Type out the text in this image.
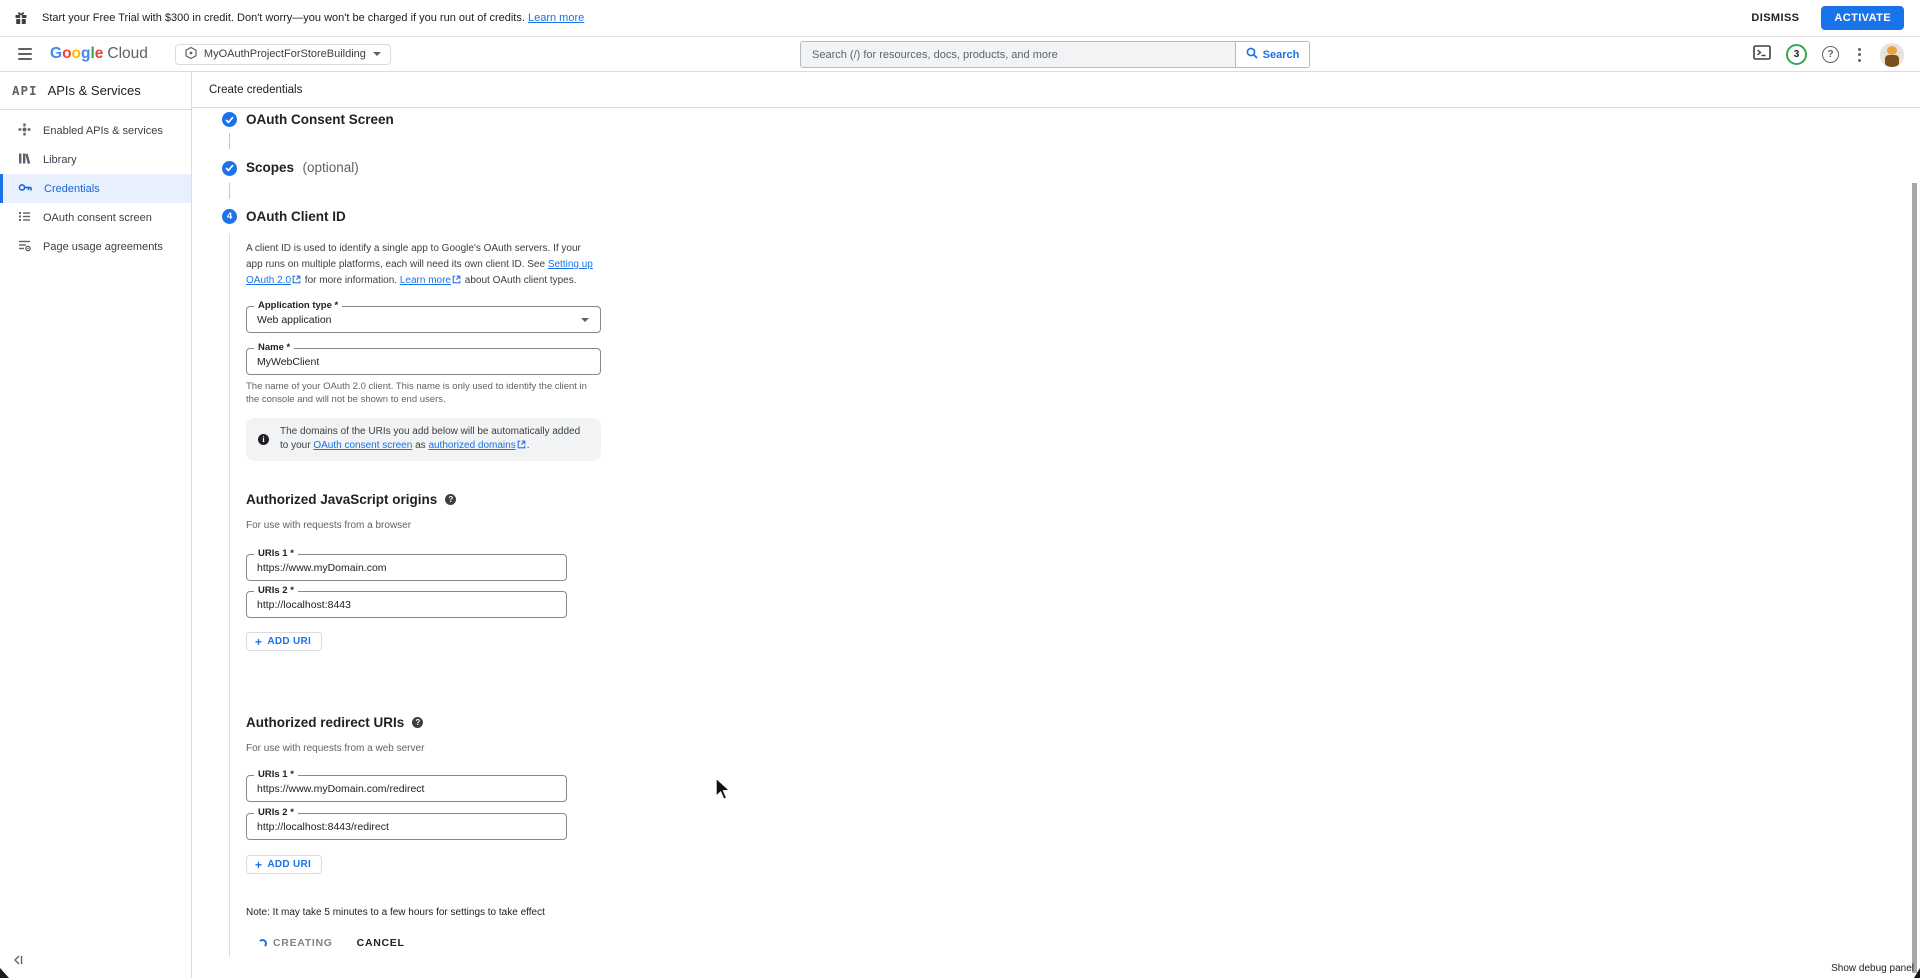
Start your Free Trial with $300 in credit. Don't worry—you won't be charged if you run out of credits. Learn more	DISMISS	ACTIVATE
Google Cloud	MyOAuthProjectForStoreBuilding
Search (/) for resources, docs, products, and more	Search	3	?
API APIs & Services
Enabled APIs & services
Library
Credentials
OAuth consent screen
Page usage agreements
Create credentials
OAuth Consent Screen
Scopes (optional)
4 OAuth Client ID

A client ID is used to identify a single app to Google's OAuth servers. If your app runs on multiple platforms, each will need its own client ID. See Setting up OAuth 2.0 for more information. Learn more about OAuth client types.

Application type *
Web application
Name *
MyWebClient

The name of your OAuth 2.0 client. This name is only used to identify the client in the console and will not be shown to end users.

i
The domains of the URIs you add below will be automatically added to your OAuth consent screen as authorized domains .
Authorized JavaScript origins	?

For use with requests from a browser

URIs 1 *
https://www.myDomain.com
URIs 2 *
http://localhost:8443
+ ADD URI
Authorized redirect URIs	?

For use with requests from a web server

URIs 1 *
https://www.myDomain.com/redirect
URIs 2 *
http://localhost:8443/redirect
+ ADD URI

Note: It may take 5 minutes to a few hours for settings to take effect

CREATING CANCEL
Show debug panel
